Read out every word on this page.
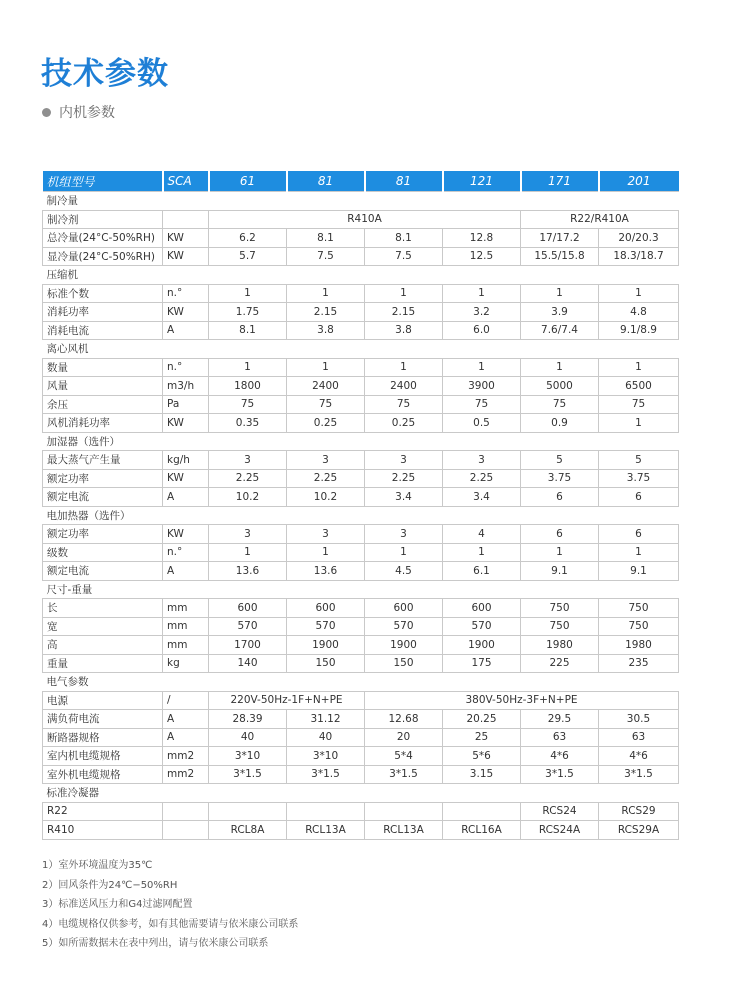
技术参数
内机参数
机组型号	SCA	61	81	81	121	171	201
制冷量							
制冷剂		R410A				R22/R410A	
总冷量(24°C-50%RH)	KW	6.2	8.1	8.1	12.8	17/17.2	20/20.3
显冷量(24°C-50%RH)	KW	5.7	7.5	7.5	12.5	15.5/15.8	18.3/18.7
压缩机							
标准个数	n.°	1	1	1	1	1	1
消耗功率	KW	1.75	2.15	2.15	3.2	3.9	4.8
消耗电流	A	8.1	3.8	3.8	6.0	7.6/7.4	9.1/8.9
离心风机							
数量	n.°	1	1	1	1	1	1
风量	m3/h	1800	2400	2400	3900	5000	6500
余压	Pa	75	75	75	75	75	75
风机消耗功率	KW	0.35	0.25	0.25	0.5	0.9	1
加湿器（选件）							
最大蒸气产生量	kg/h	3	3	3	3	5	5
额定功率	KW	2.25	2.25	2.25	2.25	3.75	3.75
额定电流	A	10.2	10.2	3.4	3.4	6	6
电加热器（选件）							
额定功率	KW	3	3	3	4	6	6
级数	n.°	1	1	1	1	1	1
额定电流	A	13.6	13.6	4.5	6.1	9.1	9.1
尺寸-重量							
长	mm	600	600	600	600	750	750
宽	mm	570	570	570	570	750	750
高	mm	1700	1900	1900	1900	1980	1980
重量	kg	140	150	150	175	225	235
电气参数							
电源	/	220V-50Hz-1F+N+PE		380V-50Hz-3F+N+PE			
满负荷电流	A	28.39	31.12	12.68	20.25	29.5	30.5
断路器规格	A	40	40	20	25	63	63
室内机电缆规格	mm2	3*10	3*10	5*4	5*6	4*6	4*6
室外机电缆规格	mm2	3*1.5	3*1.5	3*1.5	3.15	3*1.5	3*1.5
标准冷凝器							
R22						RCS24	RCS29
R410		RCL8A	RCL13A	RCL13A	RCL16A	RCS24A	RCS29A
1）室外环境温度为35℃
2）回风条件为24℃−50%RH
3）标准送风压力和G4过滤网配置
4）电缆规格仅供参考，如有其他需要请与依米康公司联系
5）如所需数据未在表中列出，请与依米康公司联系
